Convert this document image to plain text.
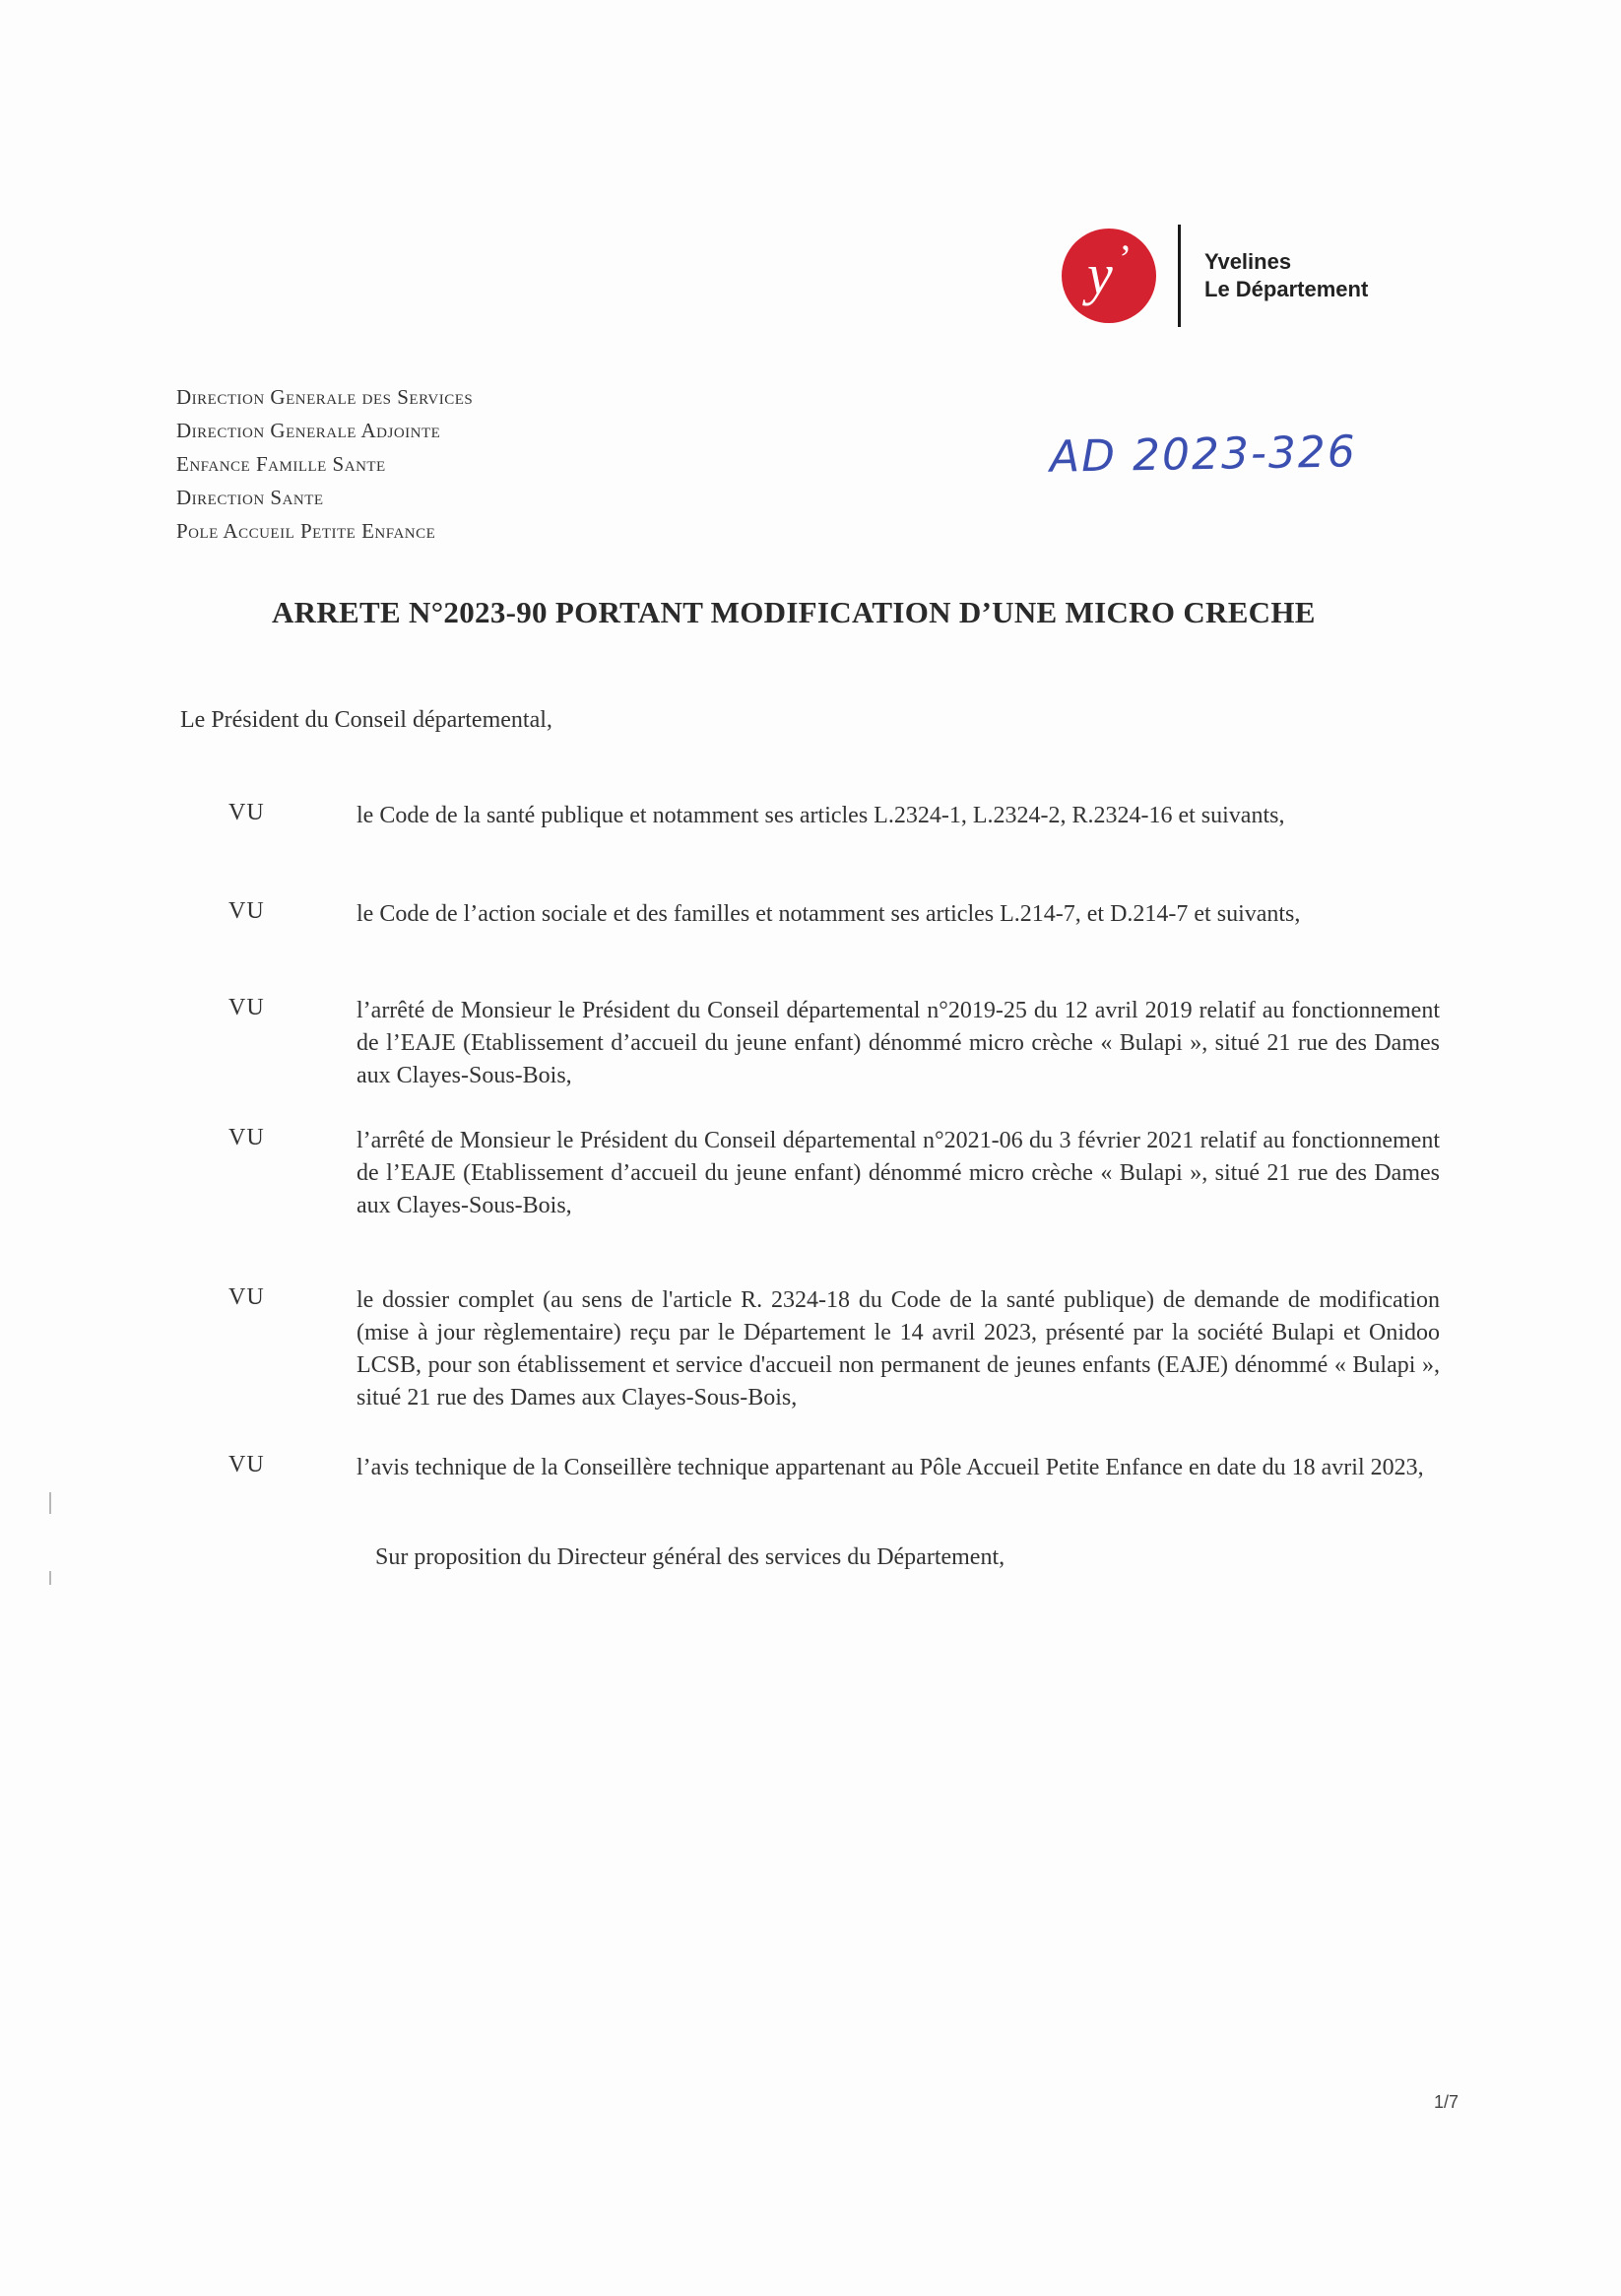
y ’	Yvelines
Le Département
Direction Generale des Services
Direction Generale Adjointe
Enfance Famille Sante
Direction Sante
Pole Accueil Petite Enfance
AD 2023-326
ARRETE N°2023-90 PORTANT MODIFICATION D’UNE MICRO CRECHE
Le Président du Conseil départemental,
VU	le Code de la santé publique et notamment ses articles L.2324-1, L.2324-2, R.2324-16 et suivants,
VU	le Code de l’action sociale et des familles et notamment ses articles L.214-7, et D.214-7 et suivants,
VU	l’arrêté de Monsieur le Président du Conseil départemental n°2019-25 du 12 avril 2019 relatif au fonctionnement de l’EAJE (Etablissement d’accueil du jeune enfant) dénommé micro crèche « Bulapi », situé 21 rue des Dames aux Clayes-Sous-Bois,
VU	l’arrêté de Monsieur le Président du Conseil départemental n°2021-06 du 3 février 2021 relatif au fonctionnement de l’EAJE (Etablissement d’accueil du jeune enfant) dénommé micro crèche « Bulapi », situé 21 rue des Dames aux Clayes-Sous-Bois,
VU	le dossier complet (au sens de l'article R. 2324-18 du Code de la santé publique) de demande de modification (mise à jour règlementaire) reçu par le Département le 14 avril 2023, présenté par la société Bulapi et Onidoo LCSB, pour son établissement et service d'accueil non permanent de jeunes enfants (EAJE) dénommé « Bulapi », situé 21 rue des Dames aux Clayes-Sous-Bois,
VU	l’avis technique de la Conseillère technique appartenant au Pôle Accueil Petite Enfance en date du 18 avril 2023,
Sur proposition du Directeur général des services du Département,
1/7
